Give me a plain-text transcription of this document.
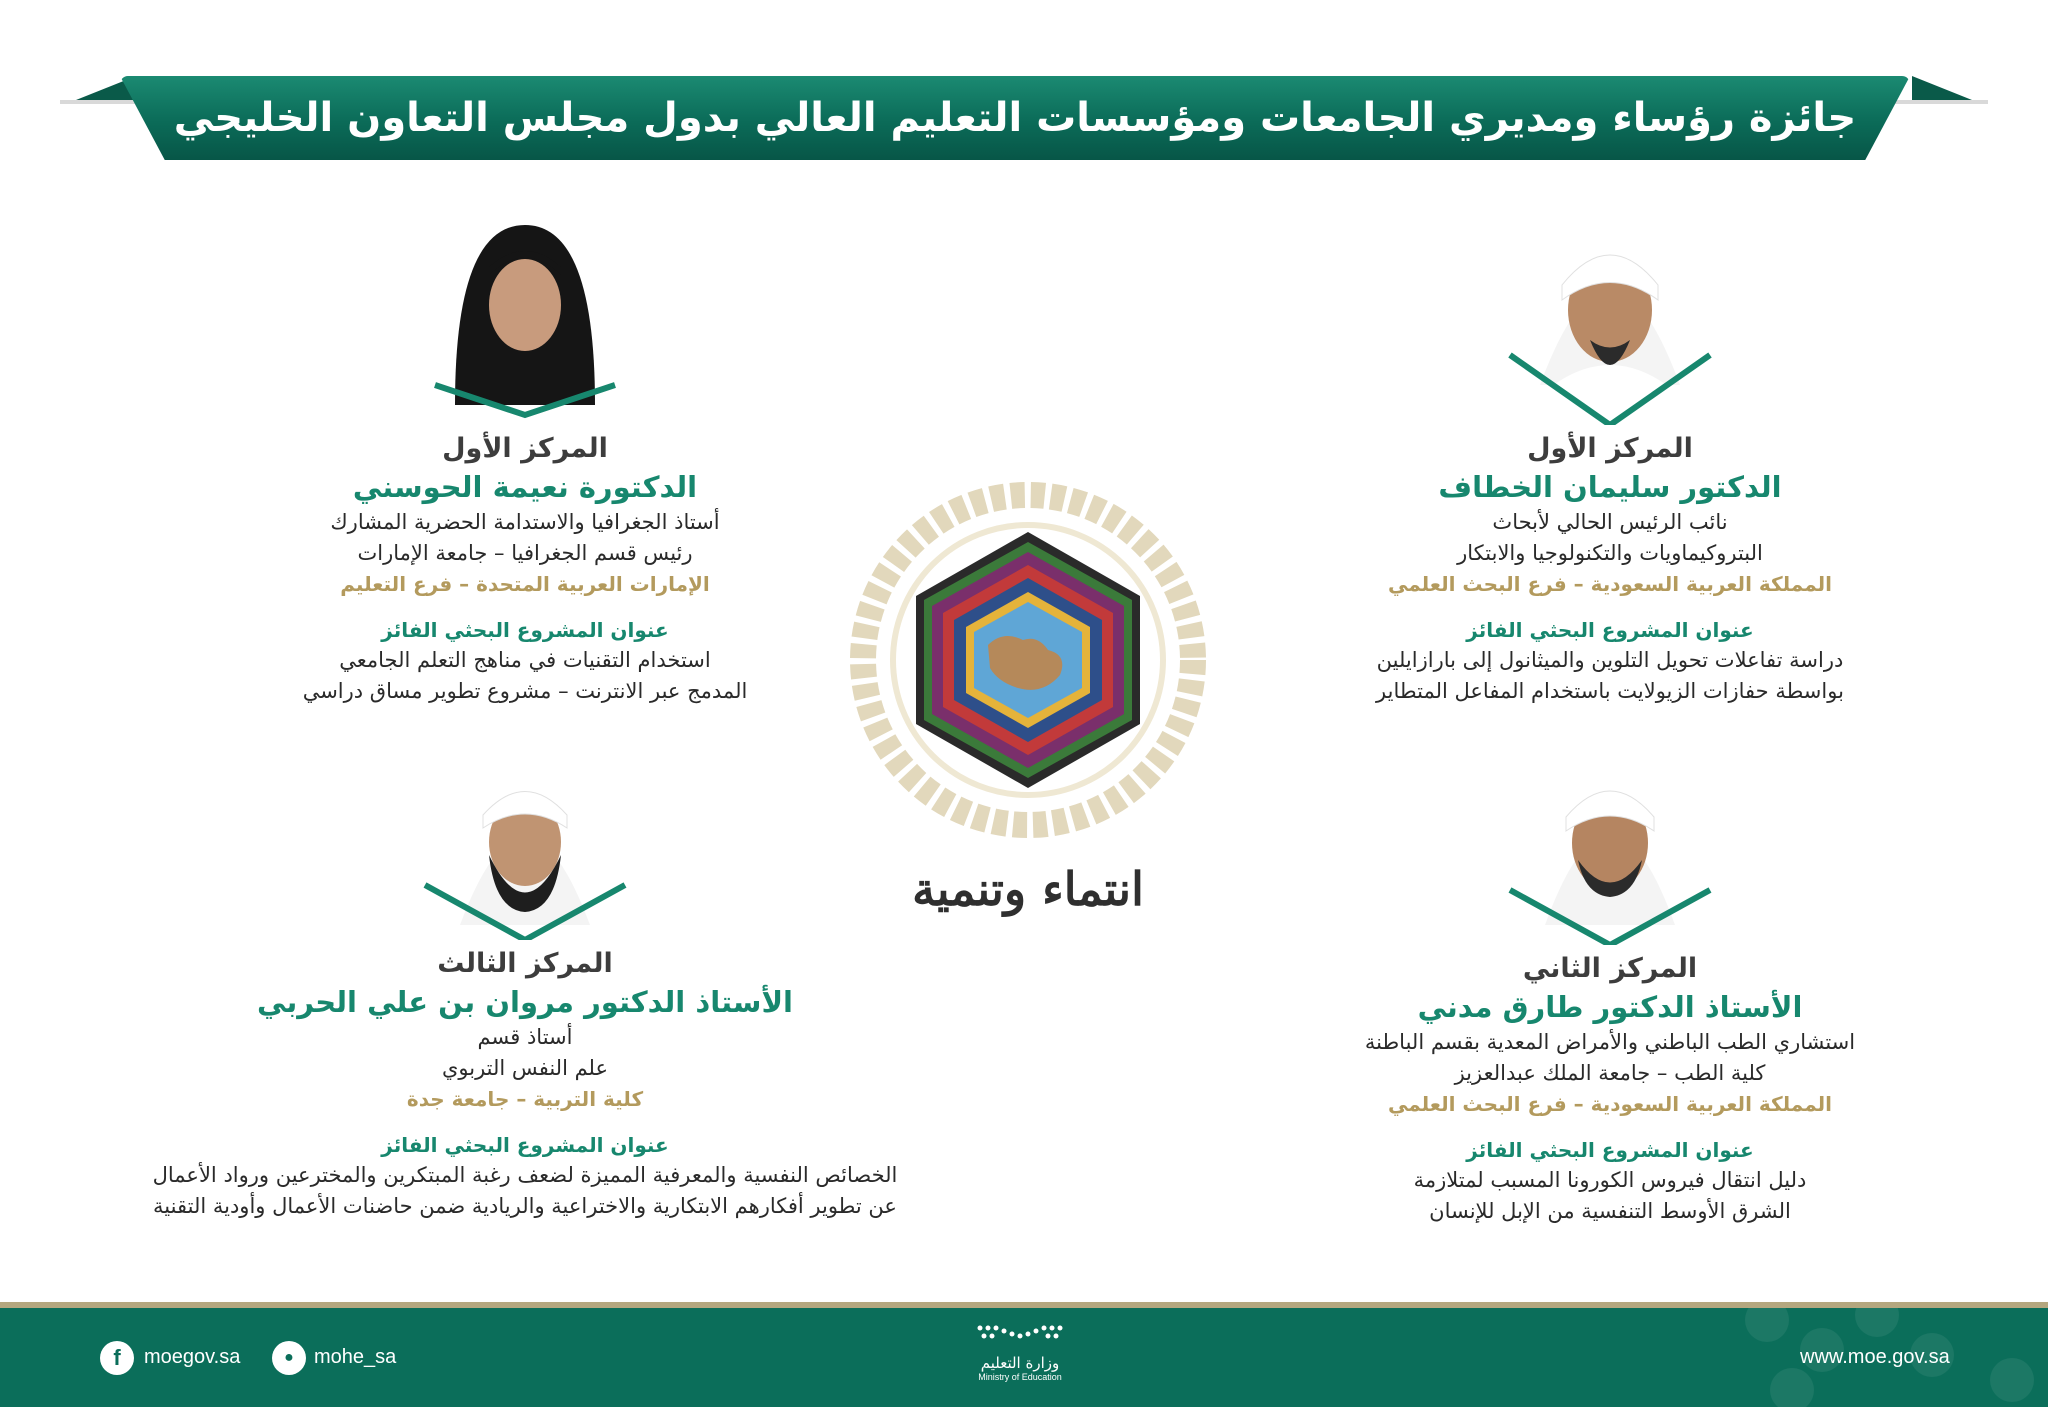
جائزة رؤساء ومديري الجامعات ومؤسسات التعليم العالي بدول مجلس التعاون الخليجي
المركز الأول
الدكتور سليمان الخطاف
نائب الرئيس الحالي لأبحاث
البتروكيماويات والتكنولوجيا والابتكار
المملكة العربية السعودية – فرع البحث العلمي
عنوان المشروع البحثي الفائز
دراسة تفاعلات تحويل التلوين والميثانول إلى بارازايلين
بواسطة حفازات الزيولايت باستخدام المفاعل المتطاير
المركز الأول
الدكتورة نعيمة الحوسني
أستاذ الجغرافيا والاستدامة الحضرية المشارك
رئيس قسم الجغرافيا – جامعة الإمارات
الإمارات العربية المتحدة – فرع التعليم
عنوان المشروع البحثي الفائز
استخدام التقنيات في مناهج التعلم الجامعي
المدمج عبر الانترنت – مشروع تطوير مساق دراسي
المركز الثاني
الأستاذ الدكتور طارق مدني
استشاري الطب الباطني والأمراض المعدية بقسم الباطنة
كلية الطب – جامعة الملك عبدالعزيز
المملكة العربية السعودية – فرع البحث العلمي
عنوان المشروع البحثي الفائز
دليل انتقال فيروس الكورونا المسبب لمتلازمة
الشرق الأوسط التنفسية من الإبل للإنسان
المركز الثالث
الأستاذ الدكتور مروان بن علي الحربي
أستاذ قسم
علم النفس التربوي
كلية التربية – جامعة جدة
عنوان المشروع البحثي الفائز
الخصائص النفسية والمعرفية المميزة لضعف رغبة المبتكرين والمخترعين ورواد الأعمال
عن تطوير أفكارهم الابتكارية والاختراعية والريادية ضمن حاضنات الأعمال وأودية التقنية
انتماء وتنمية
f	moegov.sa	●	mohe_sa	وزارة التعليم
Ministry of Education
www.moe.gov.sa
